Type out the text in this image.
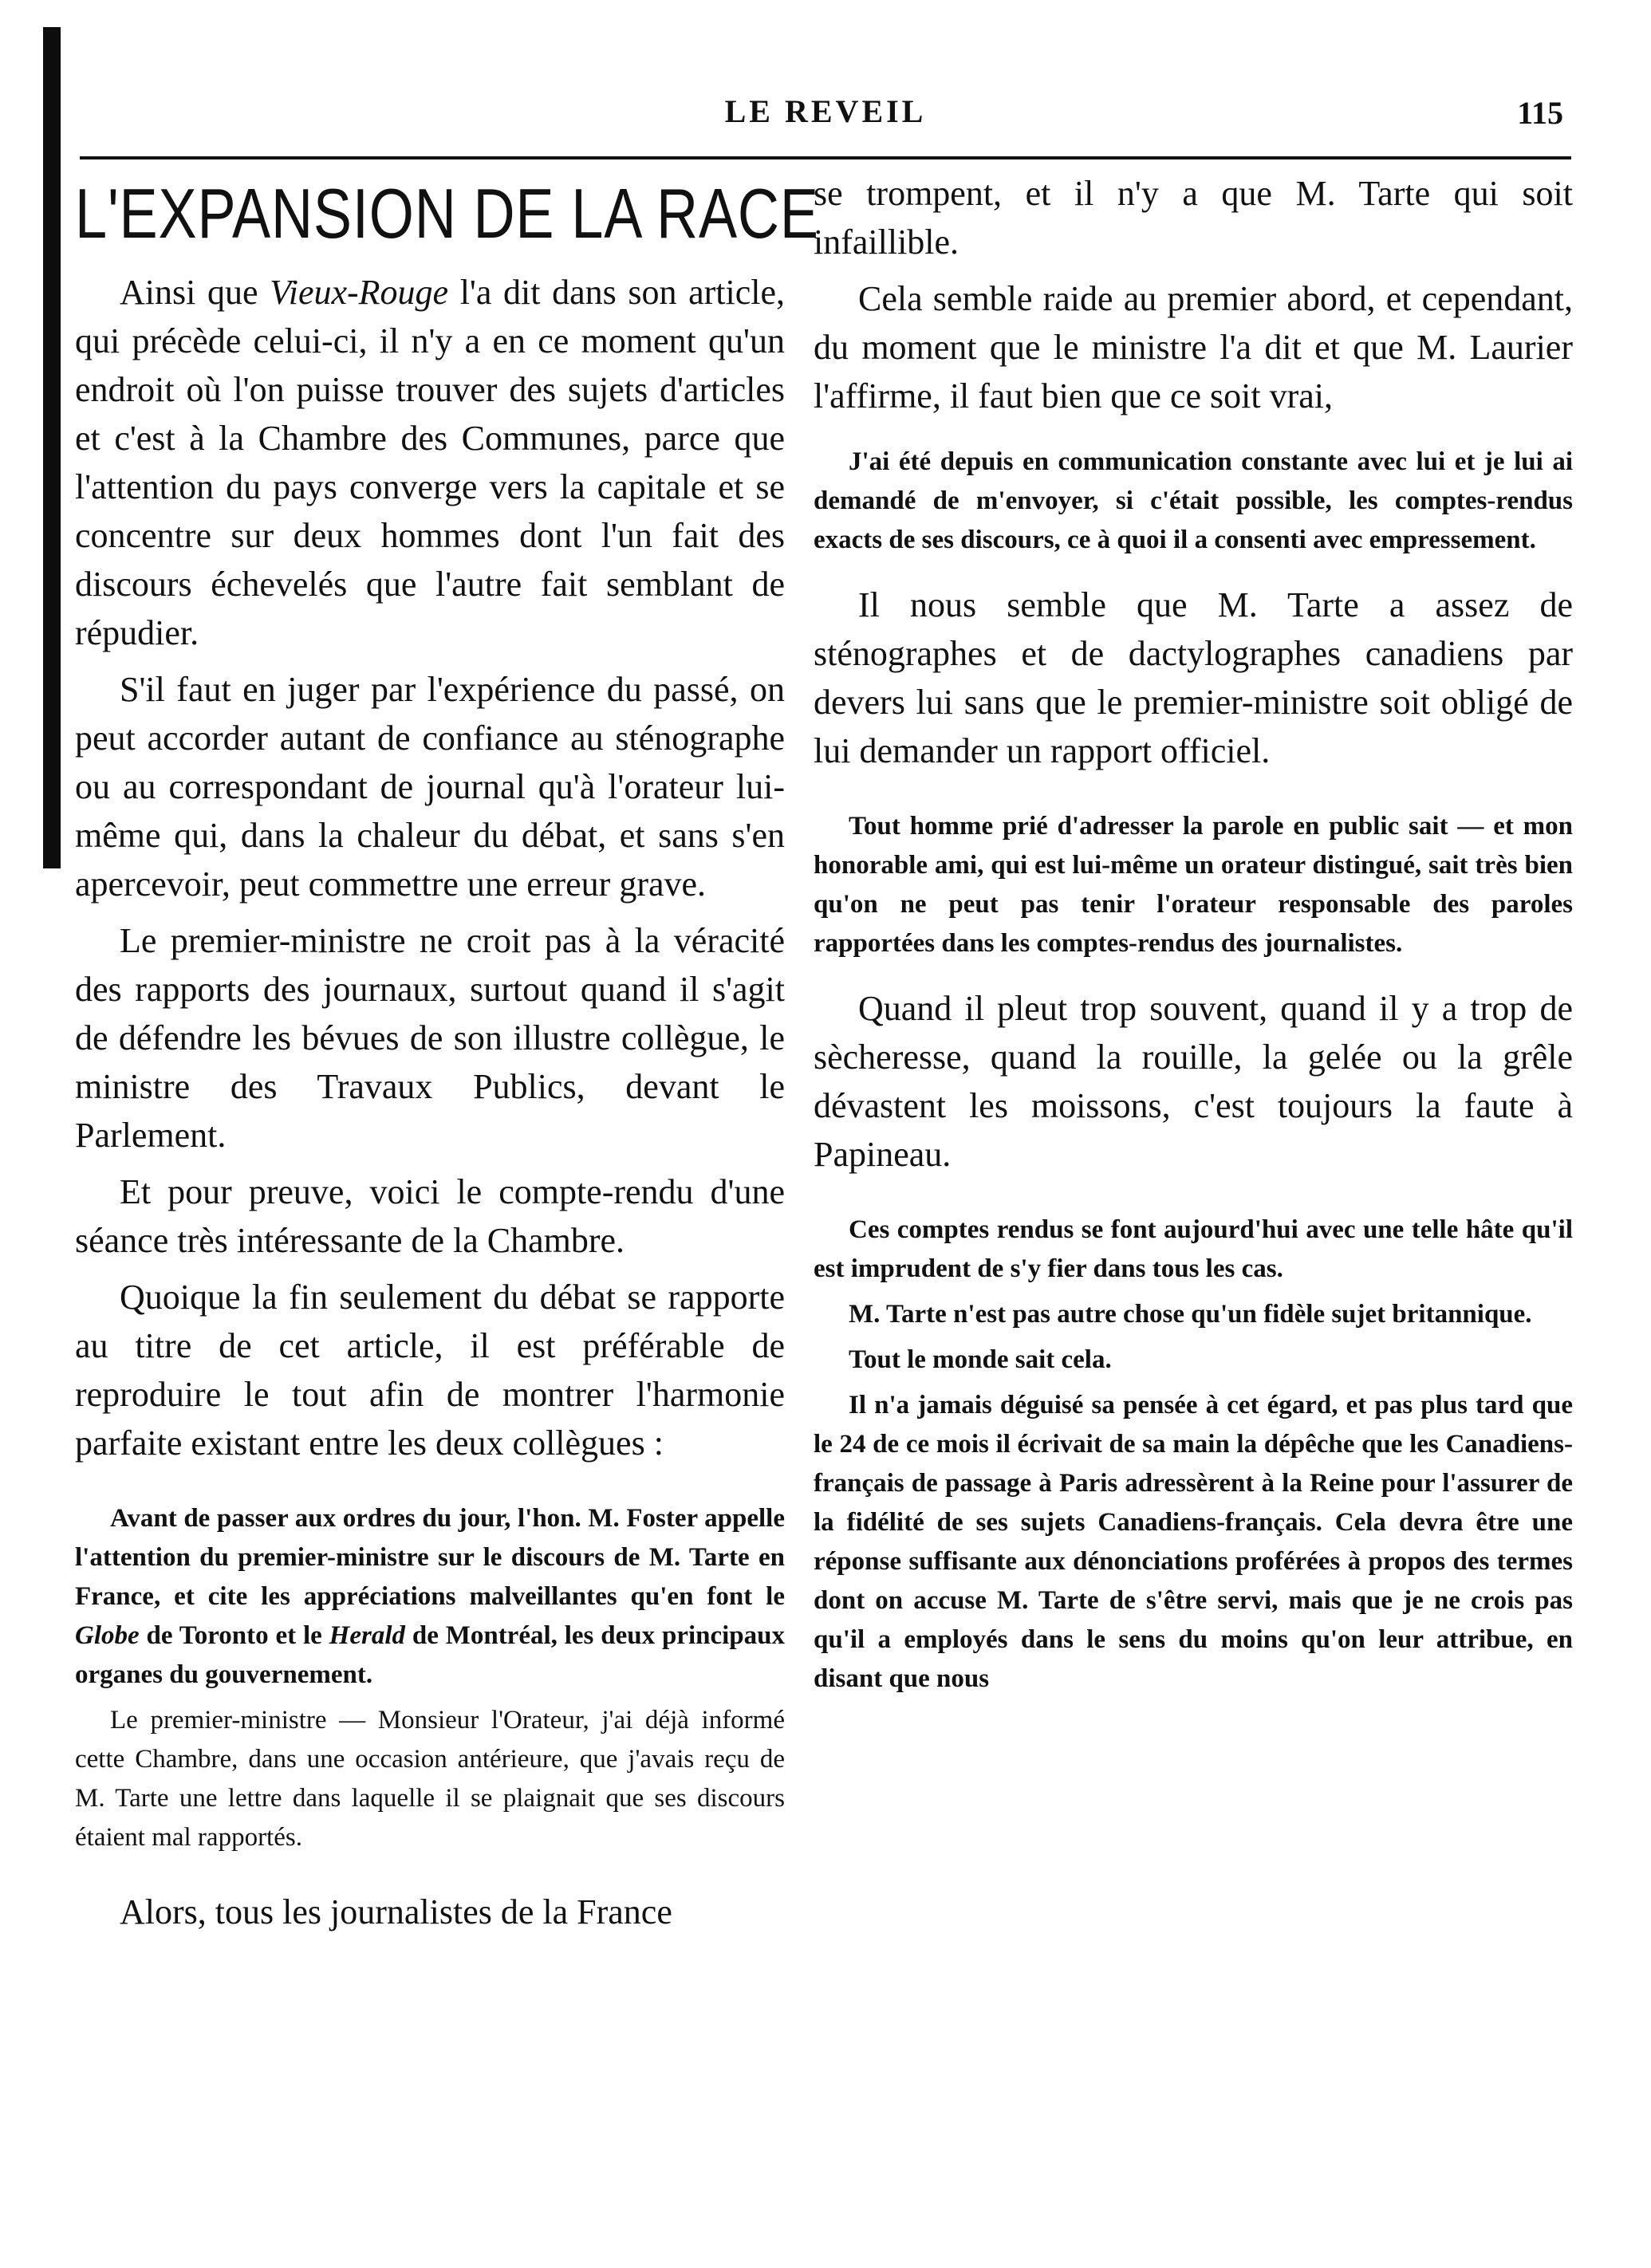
LE REVEIL	115
L'EXPANSION DE LA RACE

Ainsi que Vieux-Rouge l'a dit dans son article, qui précède celui-ci, il n'y a en ce moment qu'un endroit où l'on puisse trouver des sujets d'articles et c'est à la Chambre des Communes, parce que l'attention du pays converge vers la capitale et se concentre sur deux hommes dont l'un fait des discours échevelés que l'autre fait semblant de répudier.

S'il faut en juger par l'expérience du passé, on peut accorder autant de confiance au sténographe ou au correspondant de journal qu'à l'orateur lui-même qui, dans la chaleur du débat, et sans s'en apercevoir, peut commettre une erreur grave.

Le premier-ministre ne croit pas à la véracité des rapports des journaux, surtout quand il s'agit de défendre les bévues de son illustre collègue, le ministre des Travaux Publics, devant le Parlement.

Et pour preuve, voici le compte-rendu d'une séance très intéressante de la Chambre.

Quoique la fin seulement du débat se rapporte au titre de cet article, il est préférable de reproduire le tout afin de montrer l'harmonie parfaite existant entre les deux collègues :

Avant de passer aux ordres du jour, l'hon. M. Foster appelle l'attention du premier-ministre sur le discours de M. Tarte en France, et cite les appréciations malveillantes qu'en font le Globe de Toronto et le Herald de Montréal, les deux principaux organes du gouvernement.

Le premier-ministre — Monsieur l'Orateur, j'ai déjà informé cette Chambre, dans une occasion antérieure, que j'avais reçu de M. Tarte une lettre dans laquelle il se plaignait que ses discours étaient mal rapportés.

Alors, tous les journalistes de la France

se trompent, et il n'y a que M. Tarte qui soit infaillible.

Cela semble raide au premier abord, et cependant, du moment que le ministre l'a dit et que M. Laurier l'affirme, il faut bien que ce soit vrai,

J'ai été depuis en communication constante avec lui et je lui ai demandé de m'envoyer, si c'était possible, les comptes-rendus exacts de ses discours, ce à quoi il a consenti avec empressement.

Il nous semble que M. Tarte a assez de sténographes et de dactylographes canadiens par devers lui sans que le premier-ministre soit obligé de lui demander un rapport officiel.

Tout homme prié d'adresser la parole en public sait — et mon honorable ami, qui est lui-même un orateur distingué, sait très bien qu'on ne peut pas tenir l'orateur responsable des paroles rapportées dans les comptes-rendus des journalistes.

Quand il pleut trop souvent, quand il y a trop de sècheresse, quand la rouille, la gelée ou la grêle dévastent les moissons, c'est toujours la faute à Papineau.

Ces comptes rendus se font aujourd'hui avec une telle hâte qu'il est imprudent de s'y fier dans tous les cas.

M. Tarte n'est pas autre chose qu'un fidèle sujet britannique.

Tout le monde sait cela.

Il n'a jamais déguisé sa pensée à cet égard, et pas plus tard que le 24 de ce mois il écrivait de sa main la dépêche que les Canadiens-français de passage à Paris adressèrent à la Reine pour l'assurer de la fidélité de ses sujets Canadiens-français. Cela devra être une réponse suffisante aux dénonciations proférées à propos des termes dont on accuse M. Tarte de s'être servi, mais que je ne crois pas qu'il a employés dans le sens du moins qu'on leur attribue, en disant que nous
